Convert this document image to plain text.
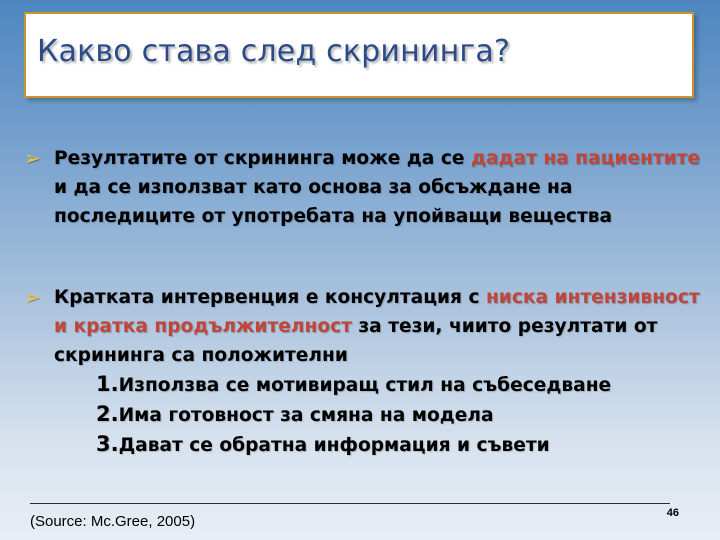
Какво става след скрининга?
➢ Резултатите от скрининга може да се дадат на пациентите и да се използват като основа за обсъждане на последиците от употребата на упойващи вещества
➢ Кратката интервенция е консултация с ниска интензивност и кратка продължителност за тези, чиито резултати от скрининга са положителни
1.Използва се мотивиращ стил на събеседване
2.Има готовност за смяна на модела
3.Дават се обратна информация и съвети
(Source: Mc.Gree, 2005)	46
